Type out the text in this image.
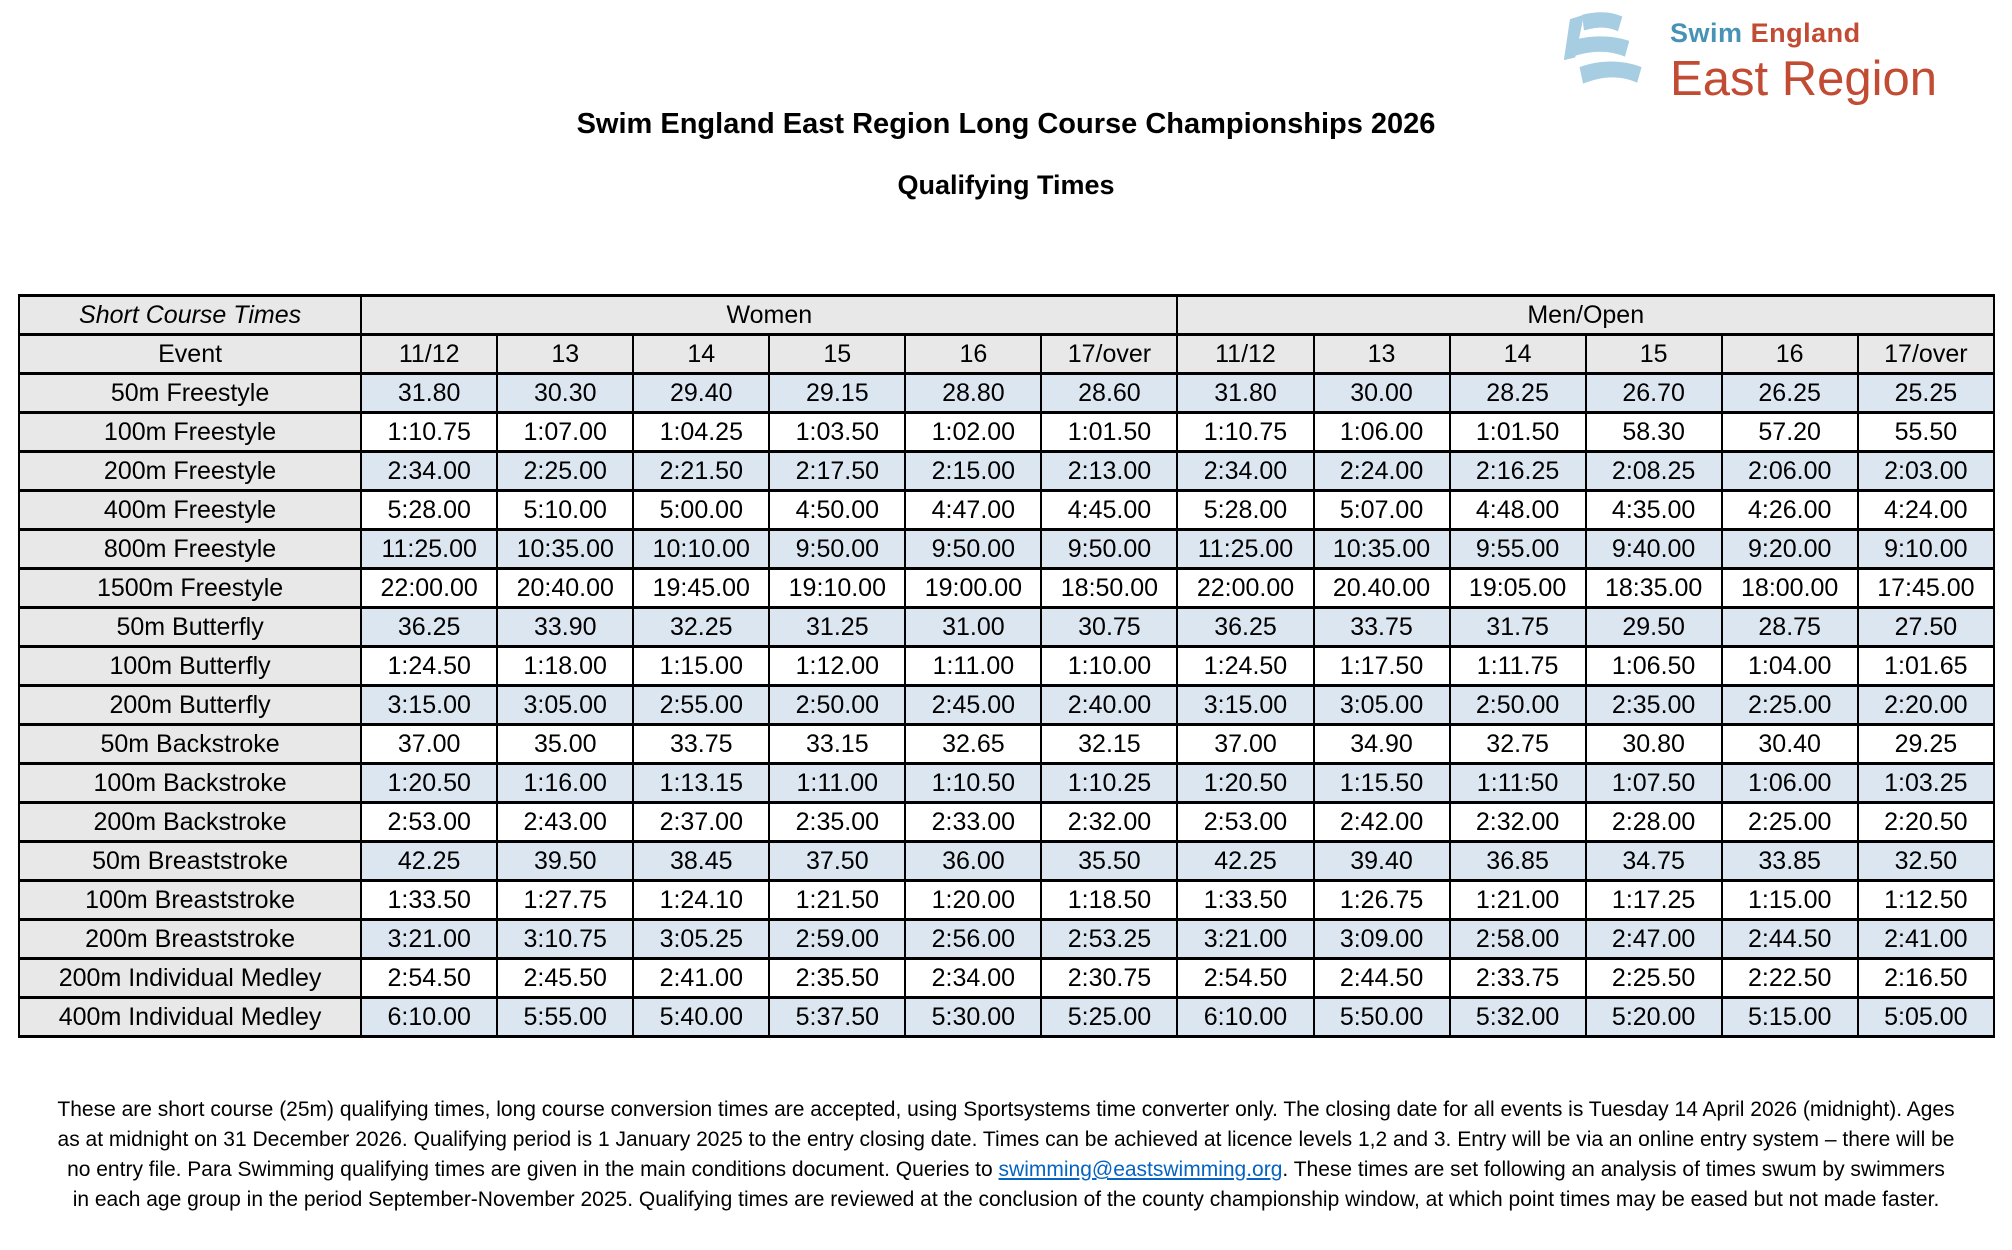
Swim England
East Region
Swim England East Region Long Course Championships 2026
Qualifying Times
Short Course Times	Women						Men/Open					
Event	11/12	13	14	15	16	17/over	11/12	13	14	15	16	17/over
50m Freestyle	31.80	30.30	29.40	29.15	28.80	28.60	31.80	30.00	28.25	26.70	26.25	25.25
100m Freestyle	1:10.75	1:07.00	1:04.25	1:03.50	1:02.00	1:01.50	1:10.75	1:06.00	1:01.50	58.30	57.20	55.50
200m Freestyle	2:34.00	2:25.00	2:21.50	2:17.50	2:15.00	2:13.00	2:34.00	2:24.00	2:16.25	2:08.25	2:06.00	2:03.00
400m Freestyle	5:28.00	5:10.00	5:00.00	4:50.00	4:47.00	4:45.00	5:28.00	5:07.00	4:48.00	4:35.00	4:26.00	4:24.00
800m Freestyle	11:25.00	10:35.00	10:10.00	9:50.00	9:50.00	9:50.00	11:25.00	10:35.00	9:55.00	9:40.00	9:20.00	9:10.00
1500m Freestyle	22:00.00	20:40.00	19:45.00	19:10.00	19:00.00	18:50.00	22:00.00	20.40.00	19:05.00	18:35.00	18:00.00	17:45.00
50m Butterfly	36.25	33.90	32.25	31.25	31.00	30.75	36.25	33.75	31.75	29.50	28.75	27.50
100m Butterfly	1:24.50	1:18.00	1:15.00	1:12.00	1:11.00	1:10.00	1:24.50	1:17.50	1:11.75	1:06.50	1:04.00	1:01.65
200m Butterfly	3:15.00	3:05.00	2:55.00	2:50.00	2:45.00	2:40.00	3:15.00	3:05.00	2:50.00	2:35.00	2:25.00	2:20.00
50m Backstroke	37.00	35.00	33.75	33.15	32.65	32.15	37.00	34.90	32.75	30.80	30.40	29.25
100m Backstroke	1:20.50	1:16.00	1:13.15	1:11.00	1:10.50	1:10.25	1:20.50	1:15.50	1:11:50	1:07.50	1:06.00	1:03.25
200m Backstroke	2:53.00	2:43.00	2:37.00	2:35.00	2:33.00	2:32.00	2:53.00	2:42.00	2:32.00	2:28.00	2:25.00	2:20.50
50m Breaststroke	42.25	39.50	38.45	37.50	36.00	35.50	42.25	39.40	36.85	34.75	33.85	32.50
100m Breaststroke	1:33.50	1:27.75	1:24.10	1:21.50	1:20.00	1:18.50	1:33.50	1:26.75	1:21.00	1:17.25	1:15.00	1:12.50
200m Breaststroke	3:21.00	3:10.75	3:05.25	2:59.00	2:56.00	2:53.25	3:21.00	3:09.00	2:58.00	2:47.00	2:44.50	2:41.00
200m Individual Medley	2:54.50	2:45.50	2:41.00	2:35.50	2:34.00	2:30.75	2:54.50	2:44.50	2:33.75	2:25.50	2:22.50	2:16.50
400m Individual Medley	6:10.00	5:55.00	5:40.00	5:37.50	5:30.00	5:25.00	6:10.00	5:50.00	5:32.00	5:20.00	5:15.00	5:05.00
These are short course (25m) qualifying times, long course conversion times are accepted, using Sportsystems time converter only. The closing date for all events is Tuesday 14 April 2026 (midnight). Ages as at midnight on 31 December 2026. Qualifying period is 1 January 2025 to the entry closing date. Times can be achieved at licence levels 1,2 and 3. Entry will be via an online entry system – there will be no entry file. Para Swimming qualifying times are given in the main conditions document. Queries to swimming@eastswimming.org. These times are set following an analysis of times swum by swimmers in each age group in the period September-November 2025. Qualifying times are reviewed at the conclusion of the county championship window, at which point times may be eased but not made faster.
